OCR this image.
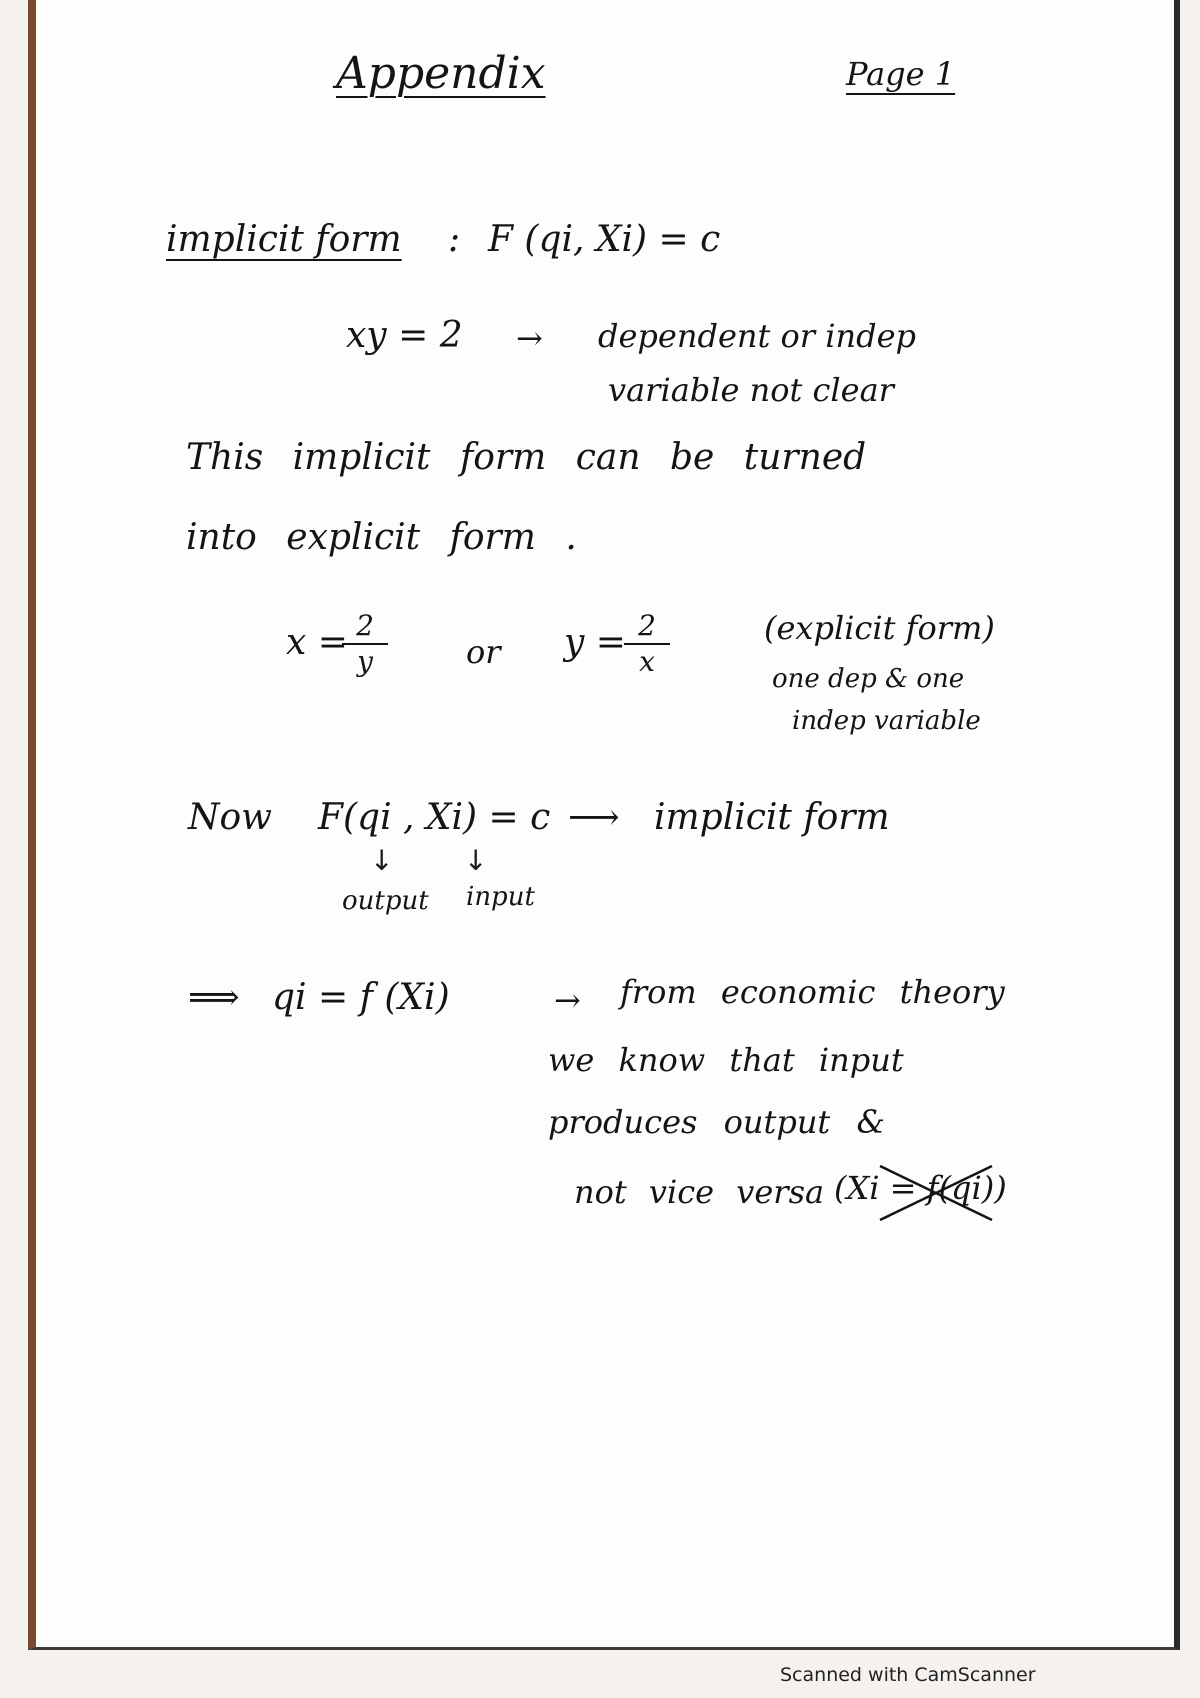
Appendix	Page 1
implicit form : F (qi, Xi) = c
xy = 2 → dependent or indep
variable not clear
This implicit form can be turned
into explicit form .
x = 2
y	or y = 2
x
(explicit form)
one dep & one
indep variable
Now F(qi , Xi) = c ⟶ implicit form
↓	↓
output input
⟹ qi = f (Xi)	→ from economic theory
we know that input
produces output &
not vice versa (Xi = f(qi))
Scanned with CamScanner
